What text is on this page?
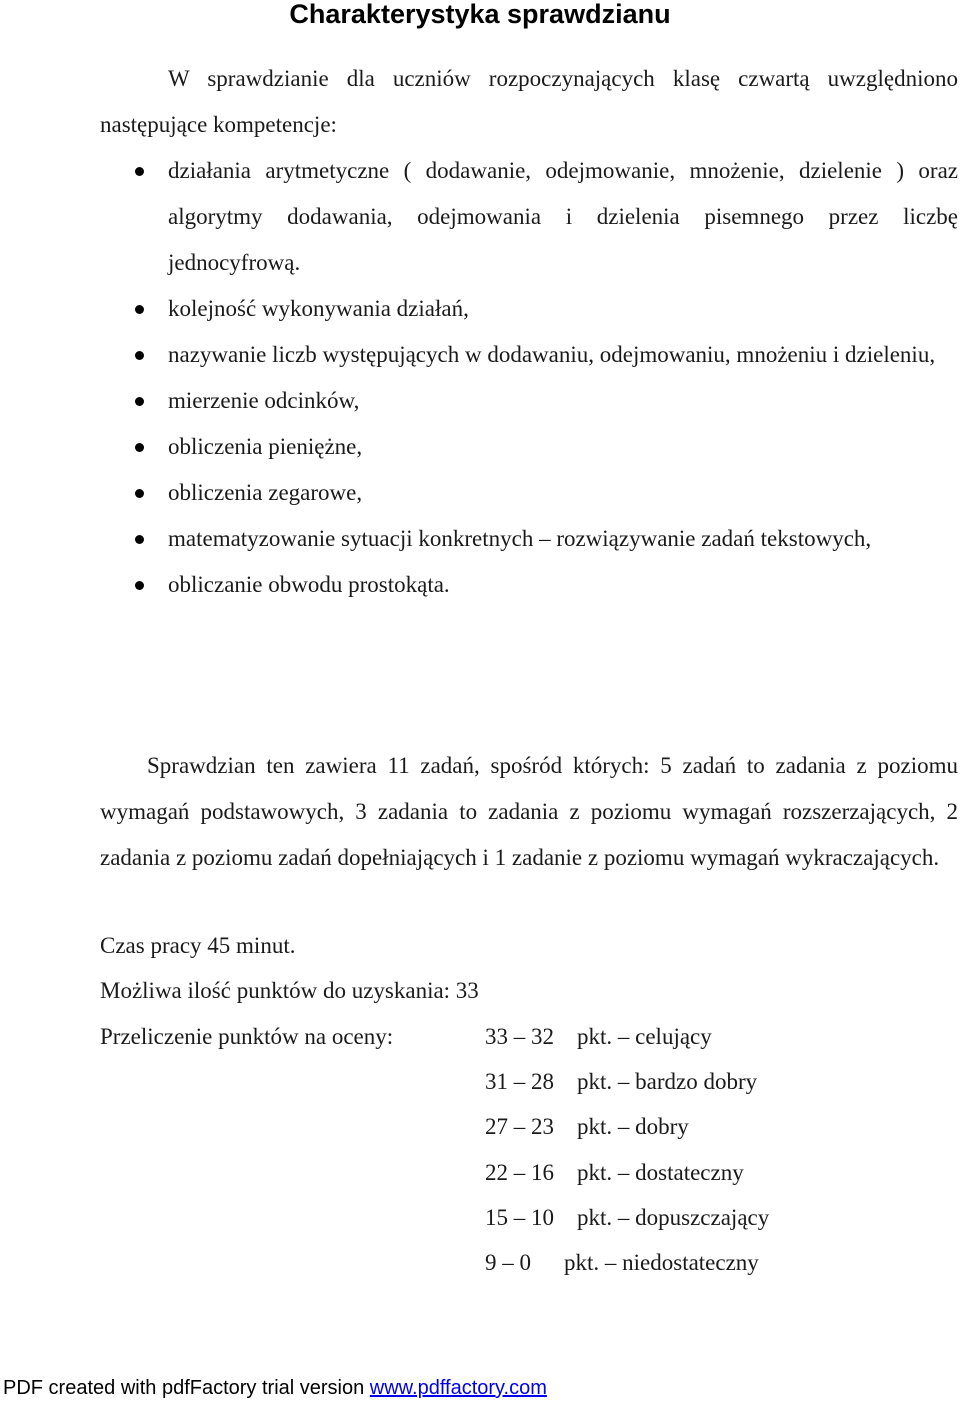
Charakterystyka sprawdzianu
W sprawdzianie dla uczniów rozpoczynających klasę czwartą uwzględniono następujące kompetencje:
działania arytmetyczne ( dodawanie, odejmowanie, mnożenie, dzielenie ) oraz algorytmy dodawania, odejmowania i dzielenia pisemnego przez liczbę jednocyfrową.
kolejność wykonywania działań,
nazywanie liczb występujących w dodawaniu, odejmowaniu, mnożeniu i dzieleniu,
mierzenie odcinków,
obliczenia pieniężne,
obliczenia zegarowe,
matematyzowanie sytuacji konkretnych – rozwiązywanie zadań tekstowych,
obliczanie obwodu prostokąta.
Sprawdzian ten zawiera 11 zadań, spośród których: 5 zadań to zadania z poziomu wymagań podstawowych, 3 zadania to zadania z poziomu wymagań rozszerzających, 2 zadania z poziomu zadań dopełniających i 1 zadanie z poziomu wymagań wykraczających.
Czas pracy 45 minut.
Możliwa ilość punktów do uzyskania: 33
Przeliczenie punktów na oceny:	33 – 32 pkt. – celujący
31 – 28 pkt. – bardzo dobry
27 – 23 pkt. – dobry
22 – 16 pkt. – dostateczny
15 – 10 pkt. – dopuszczający
9 – 0 pkt. – niedostateczny
PDF created with pdfFactory trial version www.pdffactory.com
